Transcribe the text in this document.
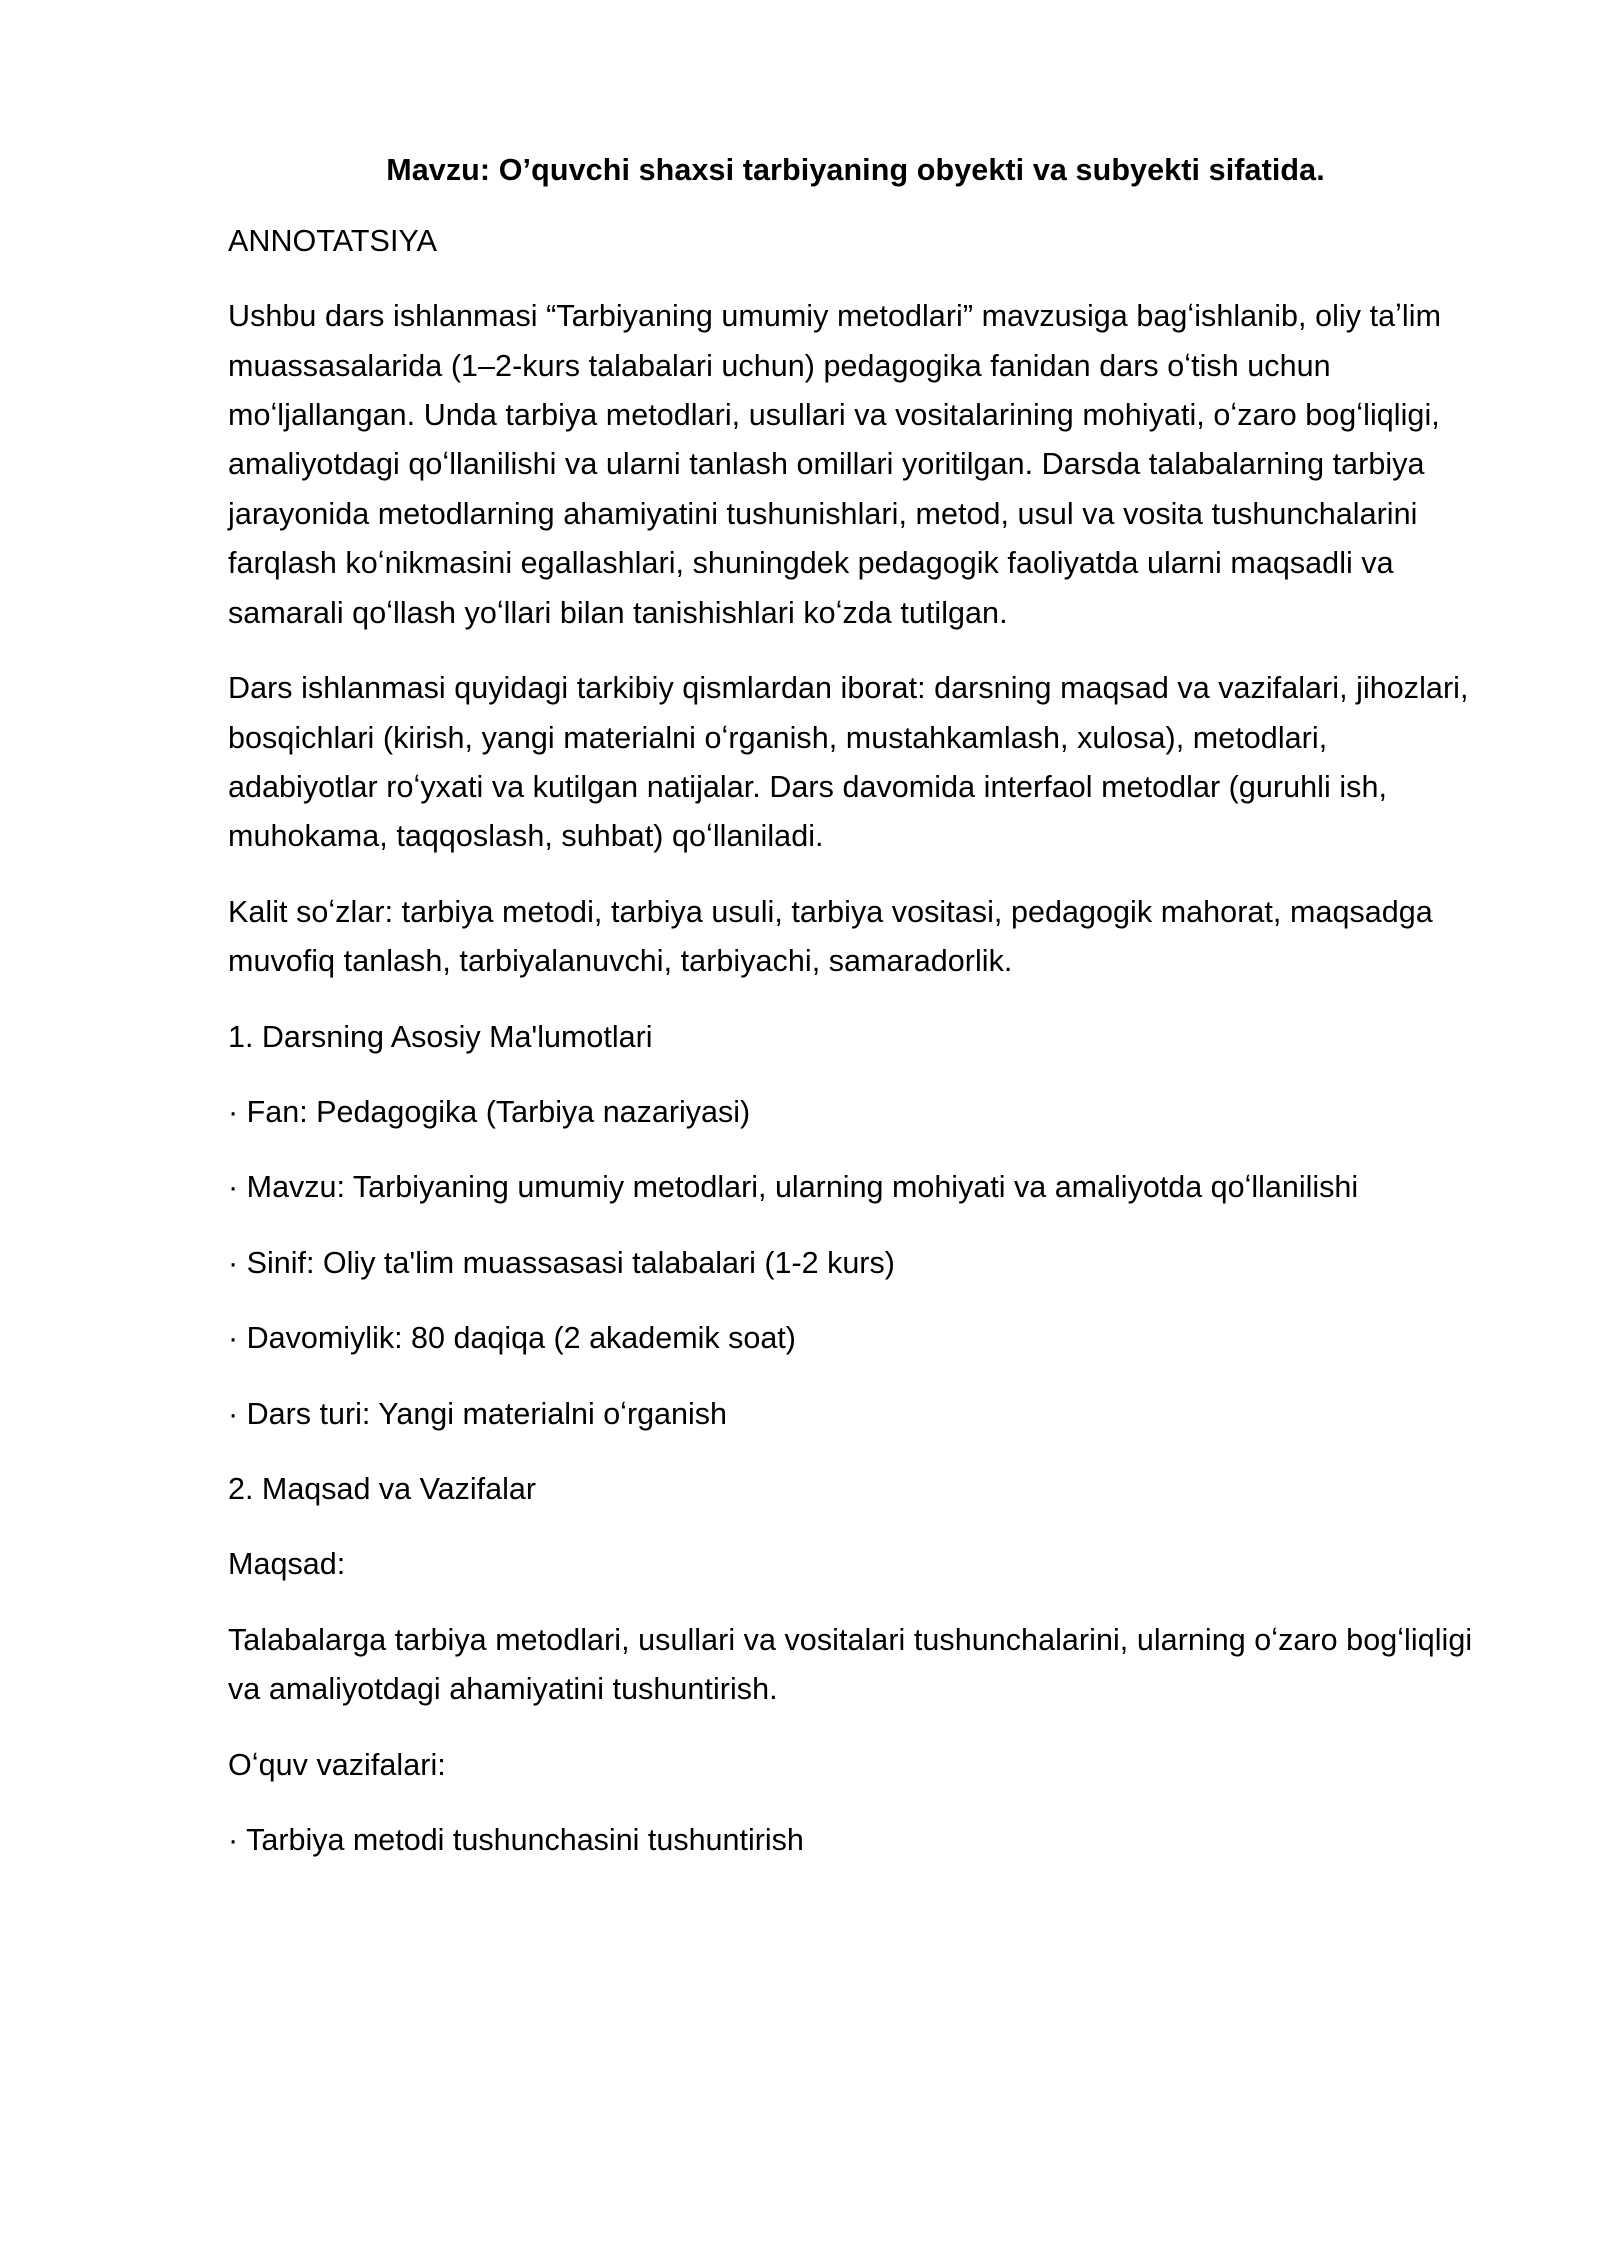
Mavzu: O’quvchi shaxsi tarbiyaning obyekti va subyekti sifatida.

ANNOTATSIYA

Ushbu dars ishlanmasi “Tarbiyaning umumiy metodlari” mavzusiga bagʻishlanib, oliy taʼlim muassasalarida (1–2-kurs talabalari uchun) pedagogika fanidan dars oʻtish uchun moʻljallangan. Unda tarbiya metodlari, usullari va vositalarining mohiyati, oʻzaro bogʻliqligi, amaliyotdagi qoʻllanilishi va ularni tanlash omillari yoritilgan. Darsda talabalarning tarbiya jarayonida metodlarning ahamiyatini tushunishlari, metod, usul va vosita tushunchalarini farqlash koʻnikmasini egallashlari, shuningdek pedagogik faoliyatda ularni maqsadli va samarali qoʻllash yoʻllari bilan tanishishlari koʻzda tutilgan.

Dars ishlanmasi quyidagi tarkibiy qismlardan iborat: darsning maqsad va vazifalari, jihozlari, bosqichlari (kirish, yangi materialni oʻrganish, mustahkamlash, xulosa), metodlari, adabiyotlar roʻyxati va kutilgan natijalar. Dars davomida interfaol metodlar (guruhli ish, muhokama, taqqoslash, suhbat) qoʻllaniladi.

Kalit soʻzlar: tarbiya metodi, tarbiya usuli, tarbiya vositasi, pedagogik mahorat, maqsadga muvofiq tanlash, tarbiyalanuvchi, tarbiyachi, samaradorlik.

1. Darsning Asosiy Ma'lumotlari

· Fan: Pedagogika (Tarbiya nazariyasi)

· Mavzu: Tarbiyaning umumiy metodlari, ularning mohiyati va amaliyotda qoʻllanilishi

· Sinif: Oliy ta'lim muassasasi talabalari (1-2 kurs)

· Davomiylik: 80 daqiqa (2 akademik soat)

· Dars turi: Yangi materialni oʻrganish

2. Maqsad va Vazifalar

Maqsad:

Talabalarga tarbiya metodlari, usullari va vositalari tushunchalarini, ularning oʻzaro bogʻliqligi va amaliyotdagi ahamiyatini tushuntirish.

Oʻquv vazifalari:

· Tarbiya metodi tushunchasini tushuntirish
